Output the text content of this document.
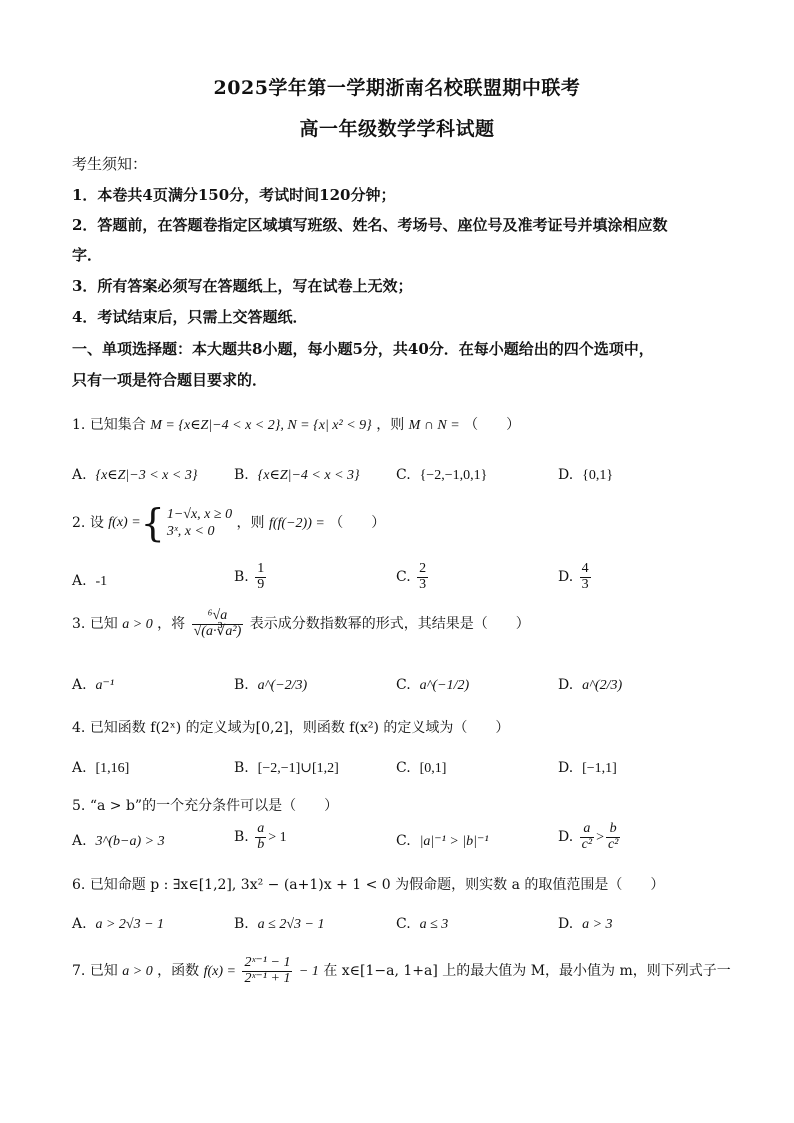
2025学年第一学期浙南名校联盟期中联考
高一年级数学学科试题
考生须知：
1．本卷共4页满分150分，考试时间120分钟；
2．答题前，在答题卷指定区域填写班级、姓名、考场号、座位号及准考证号并填涂相应数
字．
3．所有答案必须写在答题纸上，写在试卷上无效；
4．考试结束后，只需上交答题纸．
一、单项选择题：本大题共8小题，每小题5分，共40分．在每小题给出的四个选项中，
只有一项是符合题目要求的．
1. 已知集合 M = {x∈Z|−4 < x < 2}, N = {x| x² < 9} ，则 M ∩ N = （　　）
A. {x∈Z|−3 < x < 3}	B. {x∈Z|−4 < x < 3}	C. {−2,−1,0,1}	D. {0,1}
2. 设 f(x) = { 1−√x, x ≥ 0
3ˣ, x < 0
，则 f(f(−2)) = （　　）
A. -1	B. $\frac{1}{9}$	C. $\frac{2}{3}$	D. $\frac{4}{3}$
3. 已知 a > 0 ，将 $\frac{\text{⁶√a}}{\text{√(a·∛a²)}}$ 表示成分数指数幂的形式，其结果是（　　）
A. a⁻¹	B. a^(−2/3)	C. a^(−1/2)	D. a^(2/3)
4. 已知函数 f(2ˣ) 的定义域为[0,2]，则函数 f(x²) 的定义域为（　　）
A. [1,16]	B. [−2,−1]∪[1,2]	C. [0,1]	D. [−1,1]
5. “a > b”的一个充分条件可以是（　　）
A. 3^(b−a) > 3	B. $\frac{a}{b} > 1$	C. |a|⁻¹ > |b|⁻¹	D. $\frac{a}{\text{c²}} > \frac{b}{\text{c²}}$
6. 已知命题 p : ∃x∈[1,2], 3x² − (a+1)x + 1 < 0 为假命题，则实数 a 的取值范围是（　　）
A. a > 2√3 − 1	B. a ≤ 2√3 − 1	C. a ≤ 3	D. a > 3
7. 已知 a > 0 ，函数 $f(x) = \frac{\text{2ˣ⁻¹ − 1}}{\text{2ˣ⁻¹ + 1}} - 1$ 在 x∈[1−a, 1+a] 上的最大值为 M，最小值为 m，则下列式子一
